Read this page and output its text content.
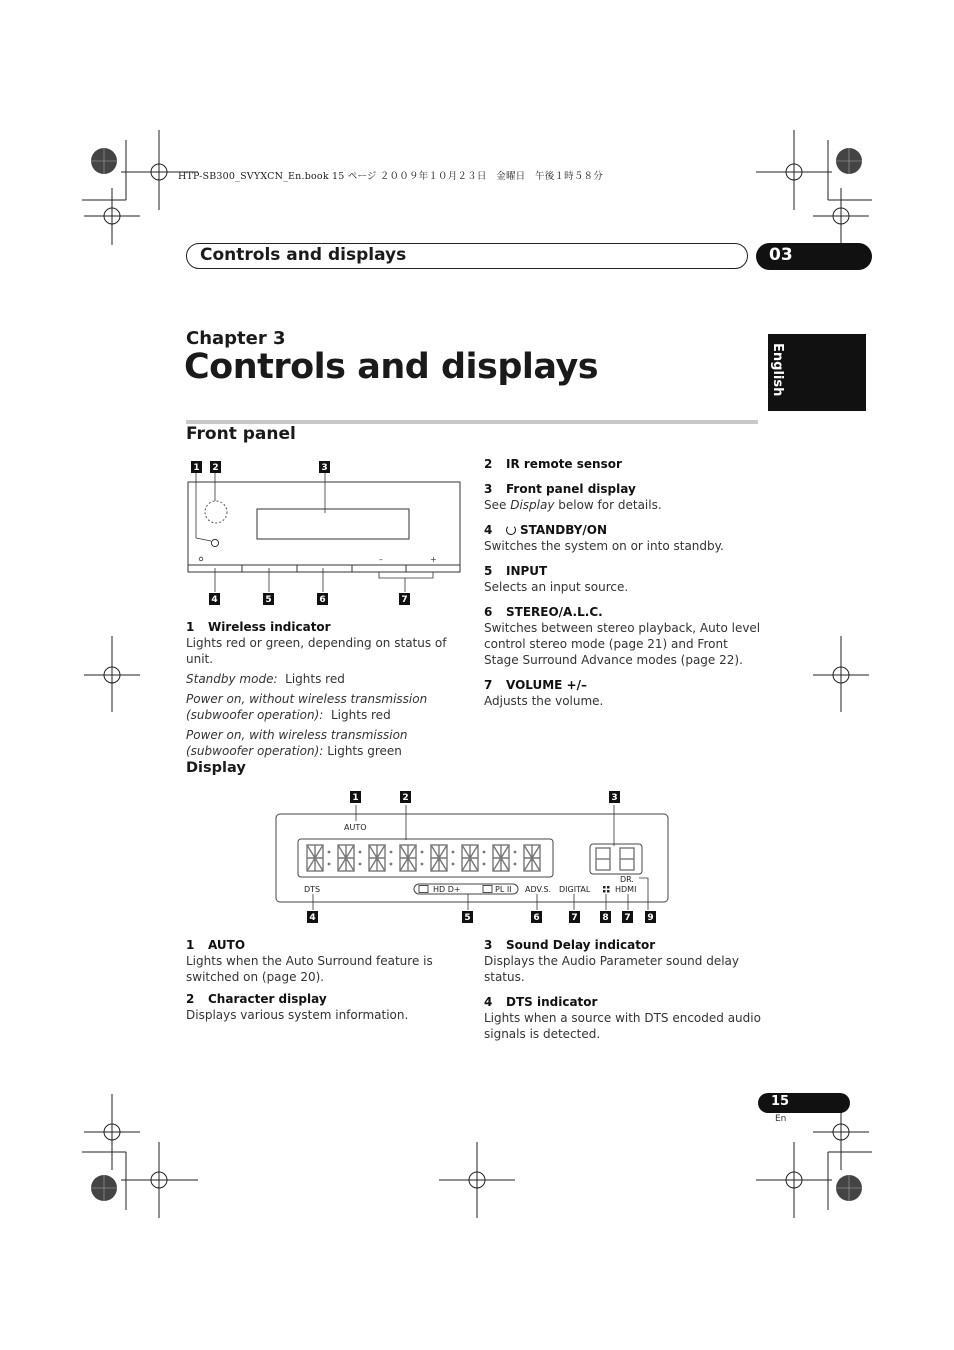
HTP-SB300_SVYXCN_En.book 15 ページ ２００９年１０月２３日　金曜日　午後１時５８分
Controls and displays	03
English
Chapter 3
Controls and displays
Front panel
–	+
1 2	3
4	5	6	7
1 Wireless indicator

Lights red or green, depending on status of unit.

Standby mode: Lights red

Power on, without wireless transmission (subwoofer operation): Lights red

Power on, with wireless transmission (subwoofer operation): Lights green

2 IR remote sensor
3 Front panel display

See Display below for details.

4 STANDBY/ON

Switches the system on or into standby.

5 INPUT

Selects an input source.

6 STEREO/A.L.C.

Switches between stereo playback, Auto level control stereo mode (page 21) and Front Stage Surround Advance modes (page 22).

7 VOLUME +/–

Adjusts the volume.

Display
AUTO
DTS	HD D+	PL II ADV.S. DIGITAL	HDMI
DR.
1	2	3
4	5	6	7	8 7 9
1 AUTO

Lights when the Auto Surround feature is switched on (page 20).

2 Character display

Displays various system information.

3 Sound Delay indicator

Displays the Audio Parameter sound delay status.

4 DTS indicator

Lights when a source with DTS encoded audio signals is detected.

15
En
